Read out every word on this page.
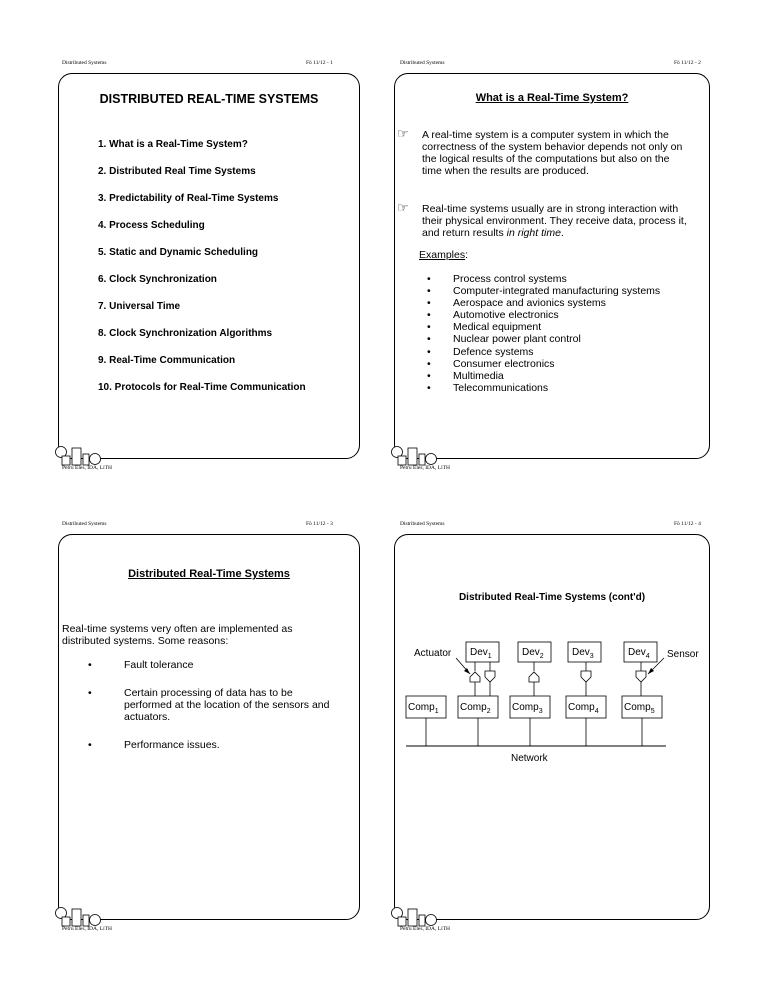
Distributed Systems	Fö 11/12 - 1
DISTRIBUTED REAL-TIME SYSTEMS
1. What is a Real-Time System?
2. Distributed Real Time Systems
3. Predictability of Real-Time Systems
4. Process Scheduling
5. Static and Dynamic Scheduling
6. Clock Synchronization
7. Universal Time
8. Clock Synchronization Algorithms
9. Real-Time Communication
10. Protocols for Real-Time Communication
Petru Eles, IDA, LiTH
Distributed Systems	Fö 11/12 - 2
What is a Real-Time System?
☞ A real-time system is a computer system in which the correctness of the system behavior depends not only on the logical results of the computations but also on the time when the results are produced.
☞ Real-time systems usually are in strong interaction with their physical environment. They receive data, process it, and return results in right time.
Examples:
• Process control systems
• Computer-integrated manufacturing systems
• Aerospace and avionics systems
• Automotive electronics
• Medical equipment
• Nuclear power plant control
• Defence systems
• Consumer electronics
• Multimedia
• Telecommunications
Petru Eles, IDA, LiTH
Distributed Systems	Fö 11/12 - 3
Distributed Real-Time Systems
Real-time systems very often are implemented as distributed systems. Some reasons:
• Fault tolerance
• Certain processing of data has to be performed at the location of the sensors and actuators.
• Performance issues.
Petru Eles, IDA, LiTH
Distributed Systems	Fö 11/12 - 4
Distributed Real-Time Systems (cont'd)
Actuator	Sensor
Dev$_1$	Dev$_2$	Dev$_3$	Dev$_4$
Comp$_1$ Comp$_2$ Comp$_3$	Comp$_4$	Comp$_5$
Network
Petru Eles, IDA, LiTH
